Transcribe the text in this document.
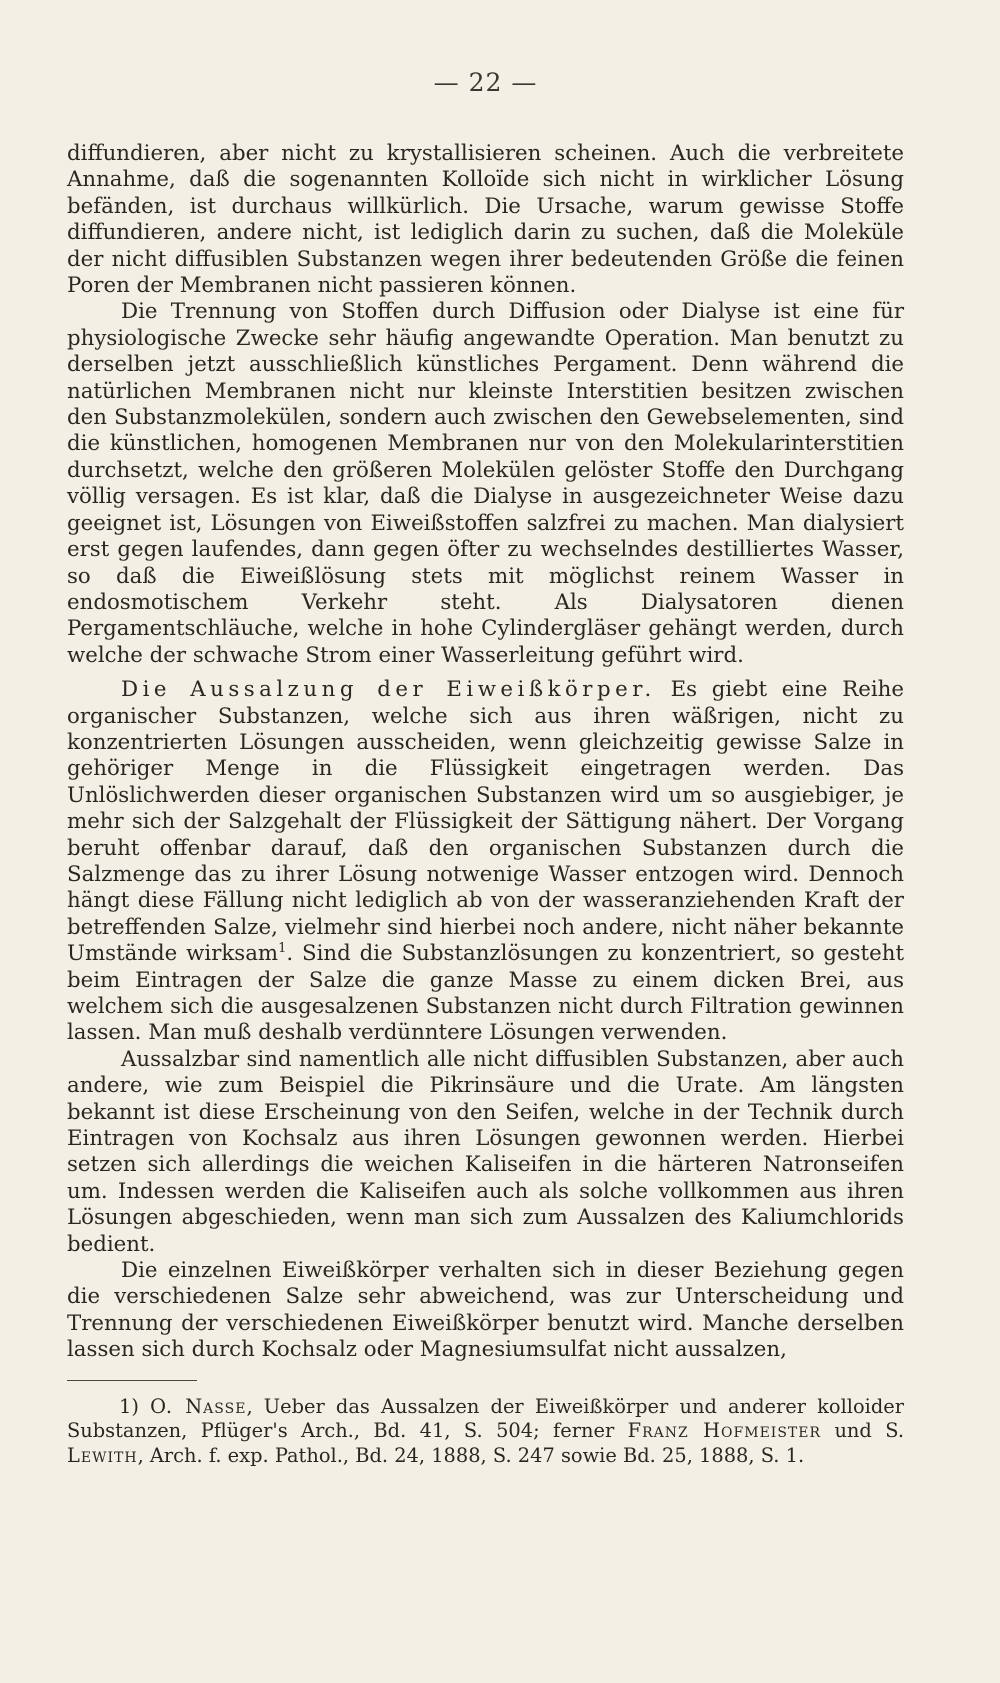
— 22 —

diffundieren, aber nicht zu krystallisieren scheinen. Auch die verbreitete Annahme, daß die sogenannten Kolloïde sich nicht in wirklicher Lösung befänden, ist durchaus willkürlich. Die Ursache, warum gewisse Stoffe diffundieren, andere nicht, ist lediglich darin zu suchen, daß die Moleküle der nicht diffusiblen Substanzen wegen ihrer bedeutenden Größe die feinen Poren der Membranen nicht passieren können.

Die Trennung von Stoffen durch Diffusion oder Dialyse ist eine für physiologische Zwecke sehr häufig angewandte Operation. Man benutzt zu derselben jetzt ausschließlich künstliches Pergament. Denn während die natürlichen Membranen nicht nur kleinste Interstitien besitzen zwischen den Substanzmolekülen, sondern auch zwischen den Gewebselementen, sind die künstlichen, homogenen Membranen nur von den Molekularinterstitien durchsetzt, welche den größeren Molekülen gelöster Stoffe den Durchgang völlig versagen. Es ist klar, daß die Dialyse in ausgezeichneter Weise dazu geeignet ist, Lösungen von Eiweißstoffen salzfrei zu machen. Man dialysiert erst gegen laufendes, dann gegen öfter zu wechselndes destilliertes Wasser, so daß die Eiweißlösung stets mit möglichst reinem Wasser in endosmotischem Verkehr steht. Als Dialysatoren dienen Pergamentschläuche, welche in hohe Cylindergläser gehängt werden, durch welche der schwache Strom einer Wasserleitung geführt wird.

Die Aussalzung der Eiweißkörper. Es giebt eine Reihe organischer Substanzen, welche sich aus ihren wäßrigen, nicht zu konzentrierten Lösungen ausscheiden, wenn gleichzeitig gewisse Salze in gehöriger Menge in die Flüssigkeit eingetragen werden. Das Unlöslichwerden dieser organischen Substanzen wird um so ausgiebiger, je mehr sich der Salzgehalt der Flüssigkeit der Sättigung nähert. Der Vorgang beruht offenbar darauf, daß den organischen Substanzen durch die Salzmenge das zu ihrer Lösung notwenige Wasser entzogen wird. Dennoch hängt diese Fällung nicht lediglich ab von der wasseranziehenden Kraft der betreffenden Salze, vielmehr sind hierbei noch andere, nicht näher bekannte Umstände wirksam$^1$. Sind die Substanzlösungen zu konzentriert, so gesteht beim Eintragen der Salze die ganze Masse zu einem dicken Brei, aus welchem sich die ausgesalzenen Substanzen nicht durch Filtration gewinnen lassen. Man muß deshalb verdünntere Lösungen verwenden.

Aussalzbar sind namentlich alle nicht diffusiblen Substanzen, aber auch andere, wie zum Beispiel die Pikrinsäure und die Urate. Am längsten bekannt ist diese Erscheinung von den Seifen, welche in der Technik durch Eintragen von Kochsalz aus ihren Lösungen gewonnen werden. Hierbei setzen sich allerdings die weichen Kaliseifen in die härteren Natronseifen um. Indessen werden die Kaliseifen auch als solche vollkommen aus ihren Lösungen abgeschieden, wenn man sich zum Aussalzen des Kaliumchlorids bedient.

Die einzelnen Eiweißkörper verhalten sich in dieser Beziehung gegen die verschiedenen Salze sehr abweichend, was zur Unterscheidung und Trennung der verschiedenen Eiweißkörper benutzt wird. Manche derselben lassen sich durch Kochsalz oder Magnesiumsulfat nicht aussalzen,

1) O. Nasse, Ueber das Aussalzen der Eiweißkörper und anderer kolloider Substanzen, Pflüger's Arch., Bd. 41, S. 504; ferner Franz Hofmeister und S. Lewith, Arch. f. exp. Pathol., Bd. 24, 1888, S. 247 sowie Bd. 25, 1888, S. 1.
